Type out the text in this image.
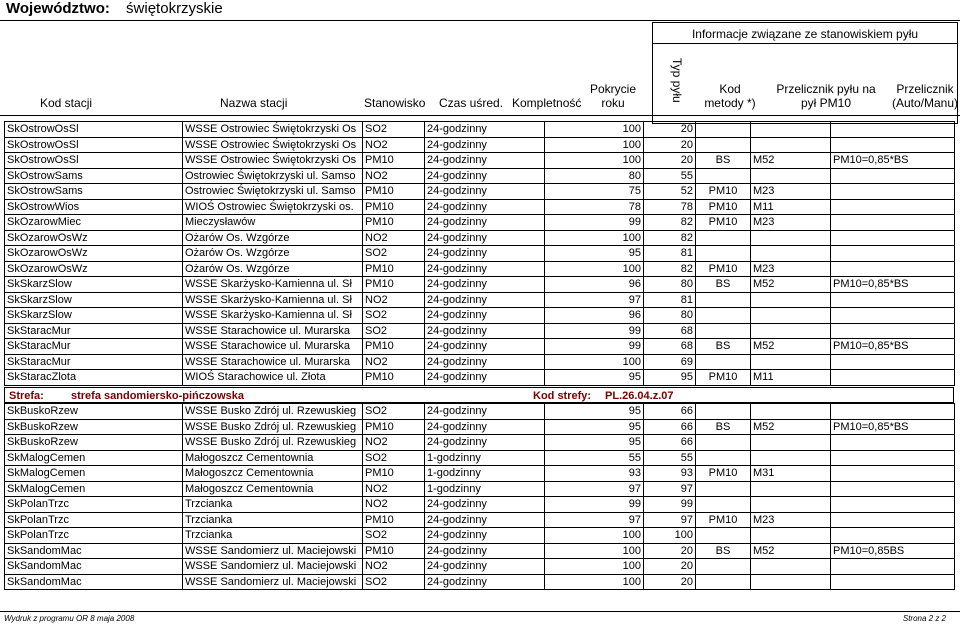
Województwo: świętokrzyskie
Informacje związane ze stanowiskiem pyłu
Kod stacji	Nazwa stacji	Stanowisko Czas uśred. Kompletność
Pokrycie
roku
Typ pyłu	Kod
metody *)
Przelicznik pyłu na
pył PM10
Przelicznik
(Auto/Manu)
SkOstrowOsSl	WSSE Ostrowiec Świętokrzyski Os	SO2	24-godzinny	100	20			
SkOstrowOsSl	WSSE Ostrowiec Świętokrzyski Os	NO2	24-godzinny	100	20			
SkOstrowOsSl	WSSE Ostrowiec Świętokrzyski Os	PM10	24-godzinny	100	20	BS	M52	PM10=0,85*BS
SkOstrowSams	Ostrowiec Świętokrzyski ul. Samso	NO2	24-godzinny	80	55			
SkOstrowSams	Ostrowiec Świętokrzyski ul. Samso	PM10	24-godzinny	75	52	PM10	M23	
SkOstrowWios	WIOŚ Ostrowiec Świętokrzyski os.	PM10	24-godzinny	78	78	PM10	M11	
SkOzarowMiec	Mieczysławów	PM10	24-godzinny	99	82	PM10	M23	
SkOzarowOsWz	Ożarów Os. Wzgórze	NO2	24-godzinny	100	82			
SkOzarowOsWz	Ożarów Os. Wzgórze	SO2	24-godzinny	95	81			
SkOzarowOsWz	Ożarów Os. Wzgórze	PM10	24-godzinny	100	82	PM10	M23	
SkSkarzSlow	WSSE Skarżysko-Kamienna ul. Sł	PM10	24-godzinny	96	80	BS	M52	PM10=0,85*BS
SkSkarzSlow	WSSE Skarżysko-Kamienna ul. Sł	NO2	24-godzinny	97	81			
SkSkarzSlow	WSSE Skarżysko-Kamienna ul. Sł	SO2	24-godzinny	96	80			
SkStaracMur	WSSE Starachowice ul. Murarska	SO2	24-godzinny	99	68			
SkStaracMur	WSSE Starachowice ul. Murarska	PM10	24-godzinny	99	68	BS	M52	PM10=0,85*BS
SkStaracMur	WSSE Starachowice ul. Murarska	NO2	24-godzinny	100	69			
SkStaracZlota	WIOŚ Starachowice ul. Złota	PM10	24-godzinny	95	95	PM10	M11	
Strefa: strefa sandomiersko-pińczowska	Kod strefy: PL.26.04.z.07
SkBuskoRzew	WSSE Busko Zdrój ul. Rzewuskieg	SO2	24-godzinny	95	66			
SkBuskoRzew	WSSE Busko Zdrój ul. Rzewuskieg	PM10	24-godzinny	95	66	BS	M52	PM10=0,85*BS
SkBuskoRzew	WSSE Busko Zdrój ul. Rzewuskieg	NO2	24-godzinny	95	66			
SkMalogCemen	Małogoszcz Cementownia	SO2	1-godzinny	55	55			
SkMalogCemen	Małogoszcz Cementownia	PM10	1-godzinny	93	93	PM10	M31	
SkMalogCemen	Małogoszcz Cementownia	NO2	1-godzinny	97	97			
SkPolanTrzc	Trzcianka	NO2	24-godzinny	99	99			
SkPolanTrzc	Trzcianka	PM10	24-godzinny	97	97	PM10	M23	
SkPolanTrzc	Trzcianka	SO2	24-godzinny	100	100			
SkSandomMac	WSSE Sandomierz ul. Maciejowski	PM10	24-godzinny	100	20	BS	M52	PM10=0,85BS
SkSandomMac	WSSE Sandomierz ul. Maciejowski	NO2	24-godzinny	100	20			
SkSandomMac	WSSE Sandomierz ul. Maciejowski	SO2	24-godzinny	100	20			
Wydruk z programu OR 8 maja 2008	Strona 2 z 2
